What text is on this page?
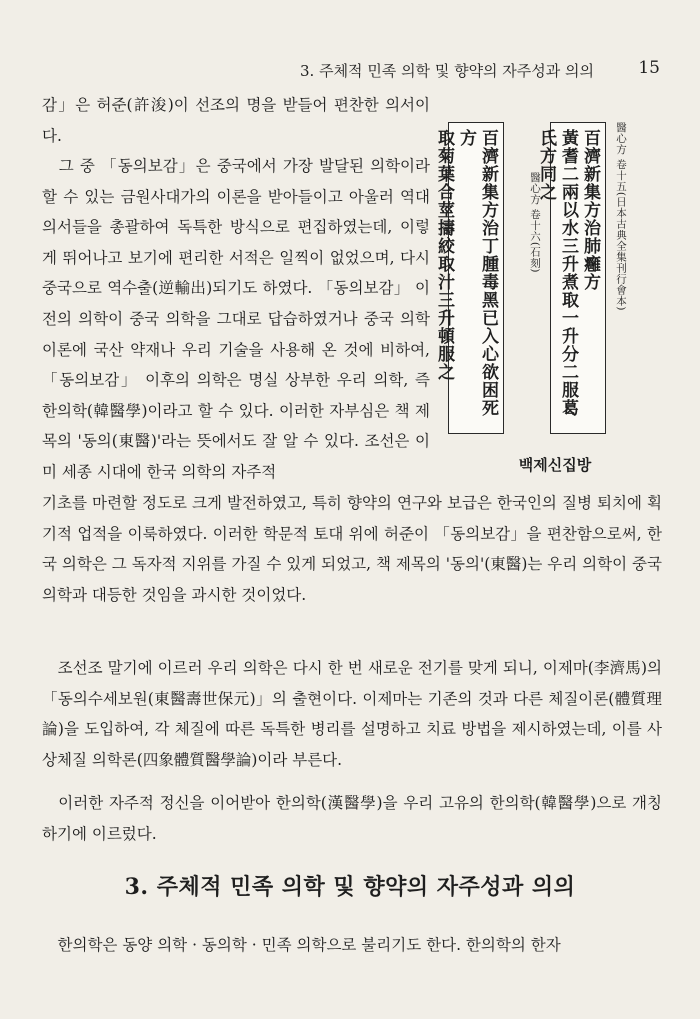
3. 주체적 민족 의학 및 향약의 자주성과 의의	15

감」은 허준(許浚)이 선조의 명을 받들어 편찬한 의서이다.

　그 중 「동의보감」은 중국에서 가장 발달된 의학이라 할 수 있는 금원사대가의 이론을 받아들이고 아울러 역대 의서들을 총괄하여 독특한 방식으로 편집하였는데, 이렇게 뛰어나고 보기에 편리한 서적은 일찍이 없었으며, 다시 중국으로 역수출(逆輸出)되기도 하였다. 「동의보감」 이전의 의학이 중국 의학을 그대로 답습하였거나 중국 의학 이론에 국산 약재나 우리 기술을 사용해 온 것에 비하여, 「동의보감」 이후의 의학은 명실 상부한 우리 의학, 즉 한의학(韓醫學)이라고 할 수 있다. 이러한 자부심은 책 제목의 '동의(東醫)'라는 뜻에서도 잘 알 수 있다. 조선은 이미 세종 시대에 한국 의학의 자주적

기초를 마련할 정도로 크게 발전하였고, 특히 향약의 연구와 보급은 한국인의 질병 퇴치에 획기적 업적을 이룩하였다. 이러한 학문적 토대 위에 허준이 「동의보감」을 편찬함으로써, 한국 의학은 그 독자적 지위를 가질 수 있게 되었고, 책 제목의 '동의'(東醫)는 우리 의학이 중국 의학과 대등한 것임을 과시한 것이었다.

　조선조 말기에 이르러 우리 의학은 다시 한 번 새로운 전기를 맞게 되니, 이제마(李濟馬)의 「동의수세보원(東醫壽世保元)」의 출현이다. 이제마는 기존의 것과 다른 체질이론(體質理論)을 도입하여, 각 체질에 따른 독특한 병리를 설명하고 치료 방법을 제시하였는데, 이를 사상체질 의학론(四象體質醫學論)이라 부른다.

　이러한 자주적 정신을 이어받아 한의학(漢醫學)을 우리 고유의 한의학(韓醫學)으로 개칭하기에 이르렀다.

醫心方 卷十五(日本古典全集刊行會本)
百濟新集方治肺癰方
黃耆二兩以水三升煮取一升分二服葛氏方同之
醫心方 卷十六(石刻)
百濟新集方治丁腫毒黑已入心欲困死方
取菊葉合莖擣絞取汁三升頓服之
백제신집방
3. 주체적 민족 의학 및 향약의 자주성과 의의

　한의학은 동양 의학 · 동의학 · 민족 의학으로 불리기도 한다. 한의학의 한자
